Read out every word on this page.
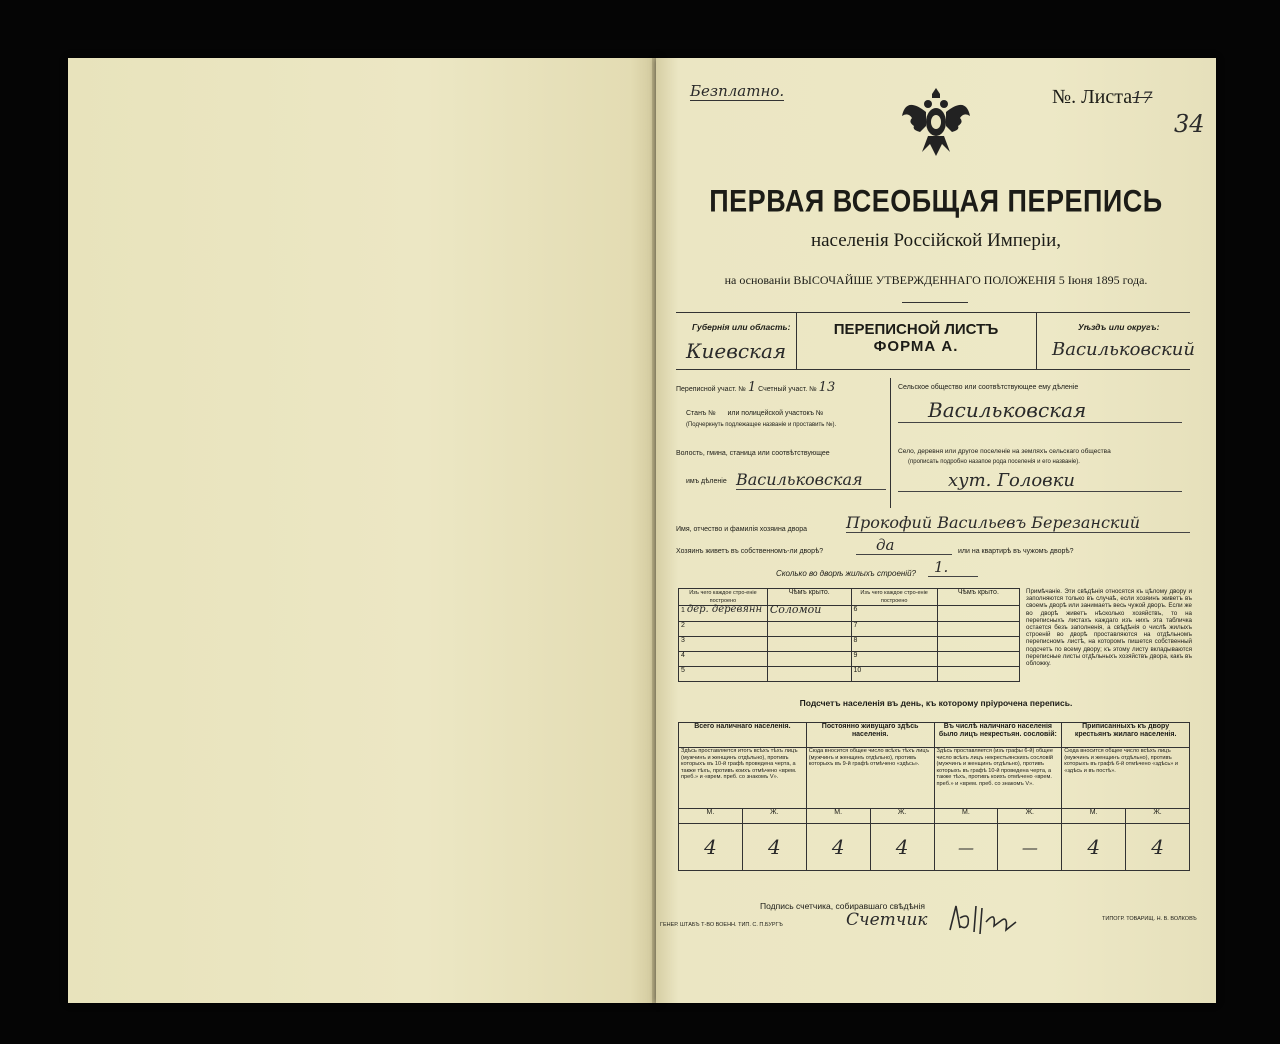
Безплатно.	№. Листа17
34
ПЕРВАЯ ВСЕОБЩАЯ ПЕРЕПИСЬ
населенія Россійской Имперіи,
на основаніи ВЫСОЧАЙШЕ УТВЕРЖДЕННАГО ПОЛОЖЕНІЯ 5 Іюня 1895 года.
Губернія или область:
Киевская
ПЕРЕПИСНОЙ ЛИСТЪ
ФОРМА А.
Уѣздъ или округъ:
Васильковский
Переписной участ. № 1 Счетный участ. № 13
Станъ № или полицейской участокъ №
(Подчеркнуть подлежащее названіе и проставить №).
Волость, гмина, станица или соотвѣтствующее
имъ дѣленіе Васильковская
Сельское общество или соотвѣтствующее ему дѣленіе
Васильковская
Село, деревня или другое поселеніе на земляхъ сельскаго общества
(прописать подробно назапое рода поселенія и его названіе).
хут. Головки
Имя, отчество и фамилія хозяина двора Прокофий Васильевъ Березанский
Хозяинъ живетъ въ собственномъ-ли дворѣ?	да	или на квартирѣ въ чужомъ дворѣ?
Сколько во дворѣ жилыхъ строеній?	1.
Изъ чего каждое стро-еніе построено	Чѣмъ крыто.	Изъ чего каждое стро-еніе построено	Чѣмъ крыто.
1 дер. деревянн	Соломой	6	
2		7	
3		8	
4		9	
5		10	
Примѣчаніе. Эти свѣдѣнія относятся къ цѣлому двору и заполняются только въ случаѣ, если хозяинъ живетъ въ своемъ дворѣ или занимаетъ весь чужой дворъ. Если же во дворѣ живетъ нѣсколько хозяйствъ, то на переписныхъ листахъ каждаго изъ нихъ эта табличка остается безъ заполненія, а свѣдѣнія о числѣ жилыхъ строеній во дворѣ проставляются на отдѣльномъ переписномъ листѣ, на которомъ пишется собственный подсчетъ по всему двору; къ этому листу вкладываются переписные листы отдѣльныхъ хозяйствъ двора, какъ въ обложку.
Подсчетъ населенія въ день, къ которому пріурочена перепись.
Всего наличнаго населенія.		Постоянно живущаго здѣсь населенія.		Въ числѣ наличнаго населенія было лицъ некрестьян. сословій:		Приписанныхъ къ двору крестьянъ жилаго населенія.	
Здѣсь проставляется итогъ всѣхъ тѣхъ лицъ (мужчинъ и женщинъ отдѣльно), противъ которыхъ въ 10-й графѣ проведена черта, а также тѣхъ, противъ коихъ отмѣчено «врем. преб.» и «врем. преб. со знакомъ V».		Сюда вносится общее число всѣхъ тѣхъ лицъ (мужчинъ и женщинъ отдѣльно), противъ которыхъ въ 9-й графѣ отмѣчено «здѣсь».		Здѣсь проставляется (изъ графы 6-й) общее число всѣхъ лицъ некрестьянскихъ сословій (мужчинъ и женщинъ отдѣльно), противъ которыхъ въ графѣ 10-й проведена черта, а также тѣхъ, противъ коихъ отмѣчено «врем. преб.» и «врем. преб. со знакомъ V».		Сюда вносится общее число всѣхъ лицъ (мужчинъ и женщинъ отдѣльно), противъ которыхъ въ графѣ 6-й отмѣчено «здѣсь» и «здѣсь и въ постѣ».	
М.	Ж.	М.	Ж.	М.	Ж.	М.	Ж.
4	4	4	4	—	—	4	4
Подпись счетчика, собиравшаго свѣдѣнія
Счетчик
ГЕНЕР. ШТАБЪ Т-ВО ВОЕНН. ТИП. С. П.БУРГЪ
ТИПОГР. ТОВАРИЩ. Н. В. ВОЛКОВЪ
